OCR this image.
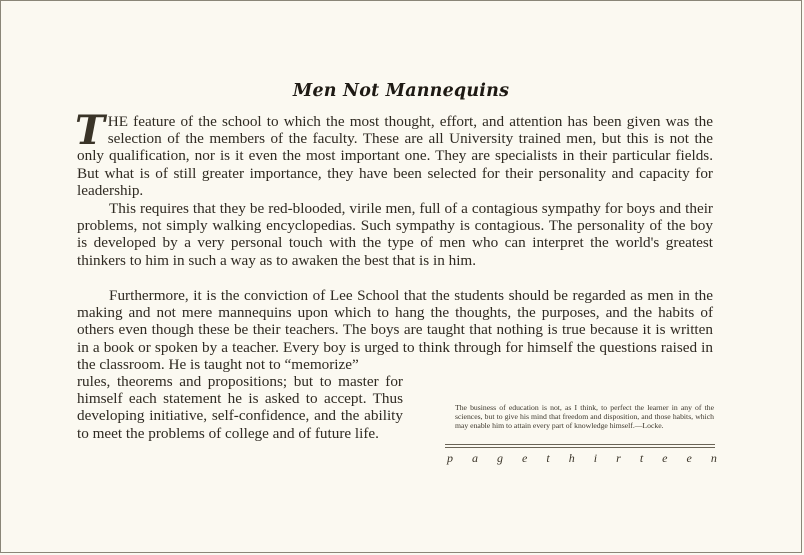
Men Not Mannequins
THE feature of the school to which the most thought, effort, and attention has been given was the selection of the members of the faculty. These are all University trained men, but this is not the only qualification, nor is it even the most important one. They are specialists in their particular fields. But what is of still greater importance, they have been selected for their personality and capacity for leadership.
This requires that they be red-blooded, virile men, full of a contagious sympathy for boys and their problems, not simply walking encyclopedias. Such sympathy is contagious. The personality of the boy is developed by a very personal touch with the type of men who can interpret the world's greatest thinkers to him in such a way as to awaken the best that is in him.
Furthermore, it is the conviction of Lee School that the students should be regarded as men in the making and not mere mannequins upon which to hang the thoughts, the purposes, and the habits of others even though these be their teachers. The boys are taught that nothing is true because it is written in a book or spoken by a teacher. Every boy is urged to think through for himself the questions raised in the classroom. He is taught not to “memorize”
rules, theorems and propositions; but to master for himself each statement he is asked to accept. Thus developing initiative, self-confidence, and the ability to meet the problems of college and of future life.
The business of education is not, as I think, to perfect the learner in any of the sciences, but to give his mind that freedom and disposition, and those habits, which may enable him to attain every part of knowledge himself.—Locke.
p a g e t h i r t e e n
